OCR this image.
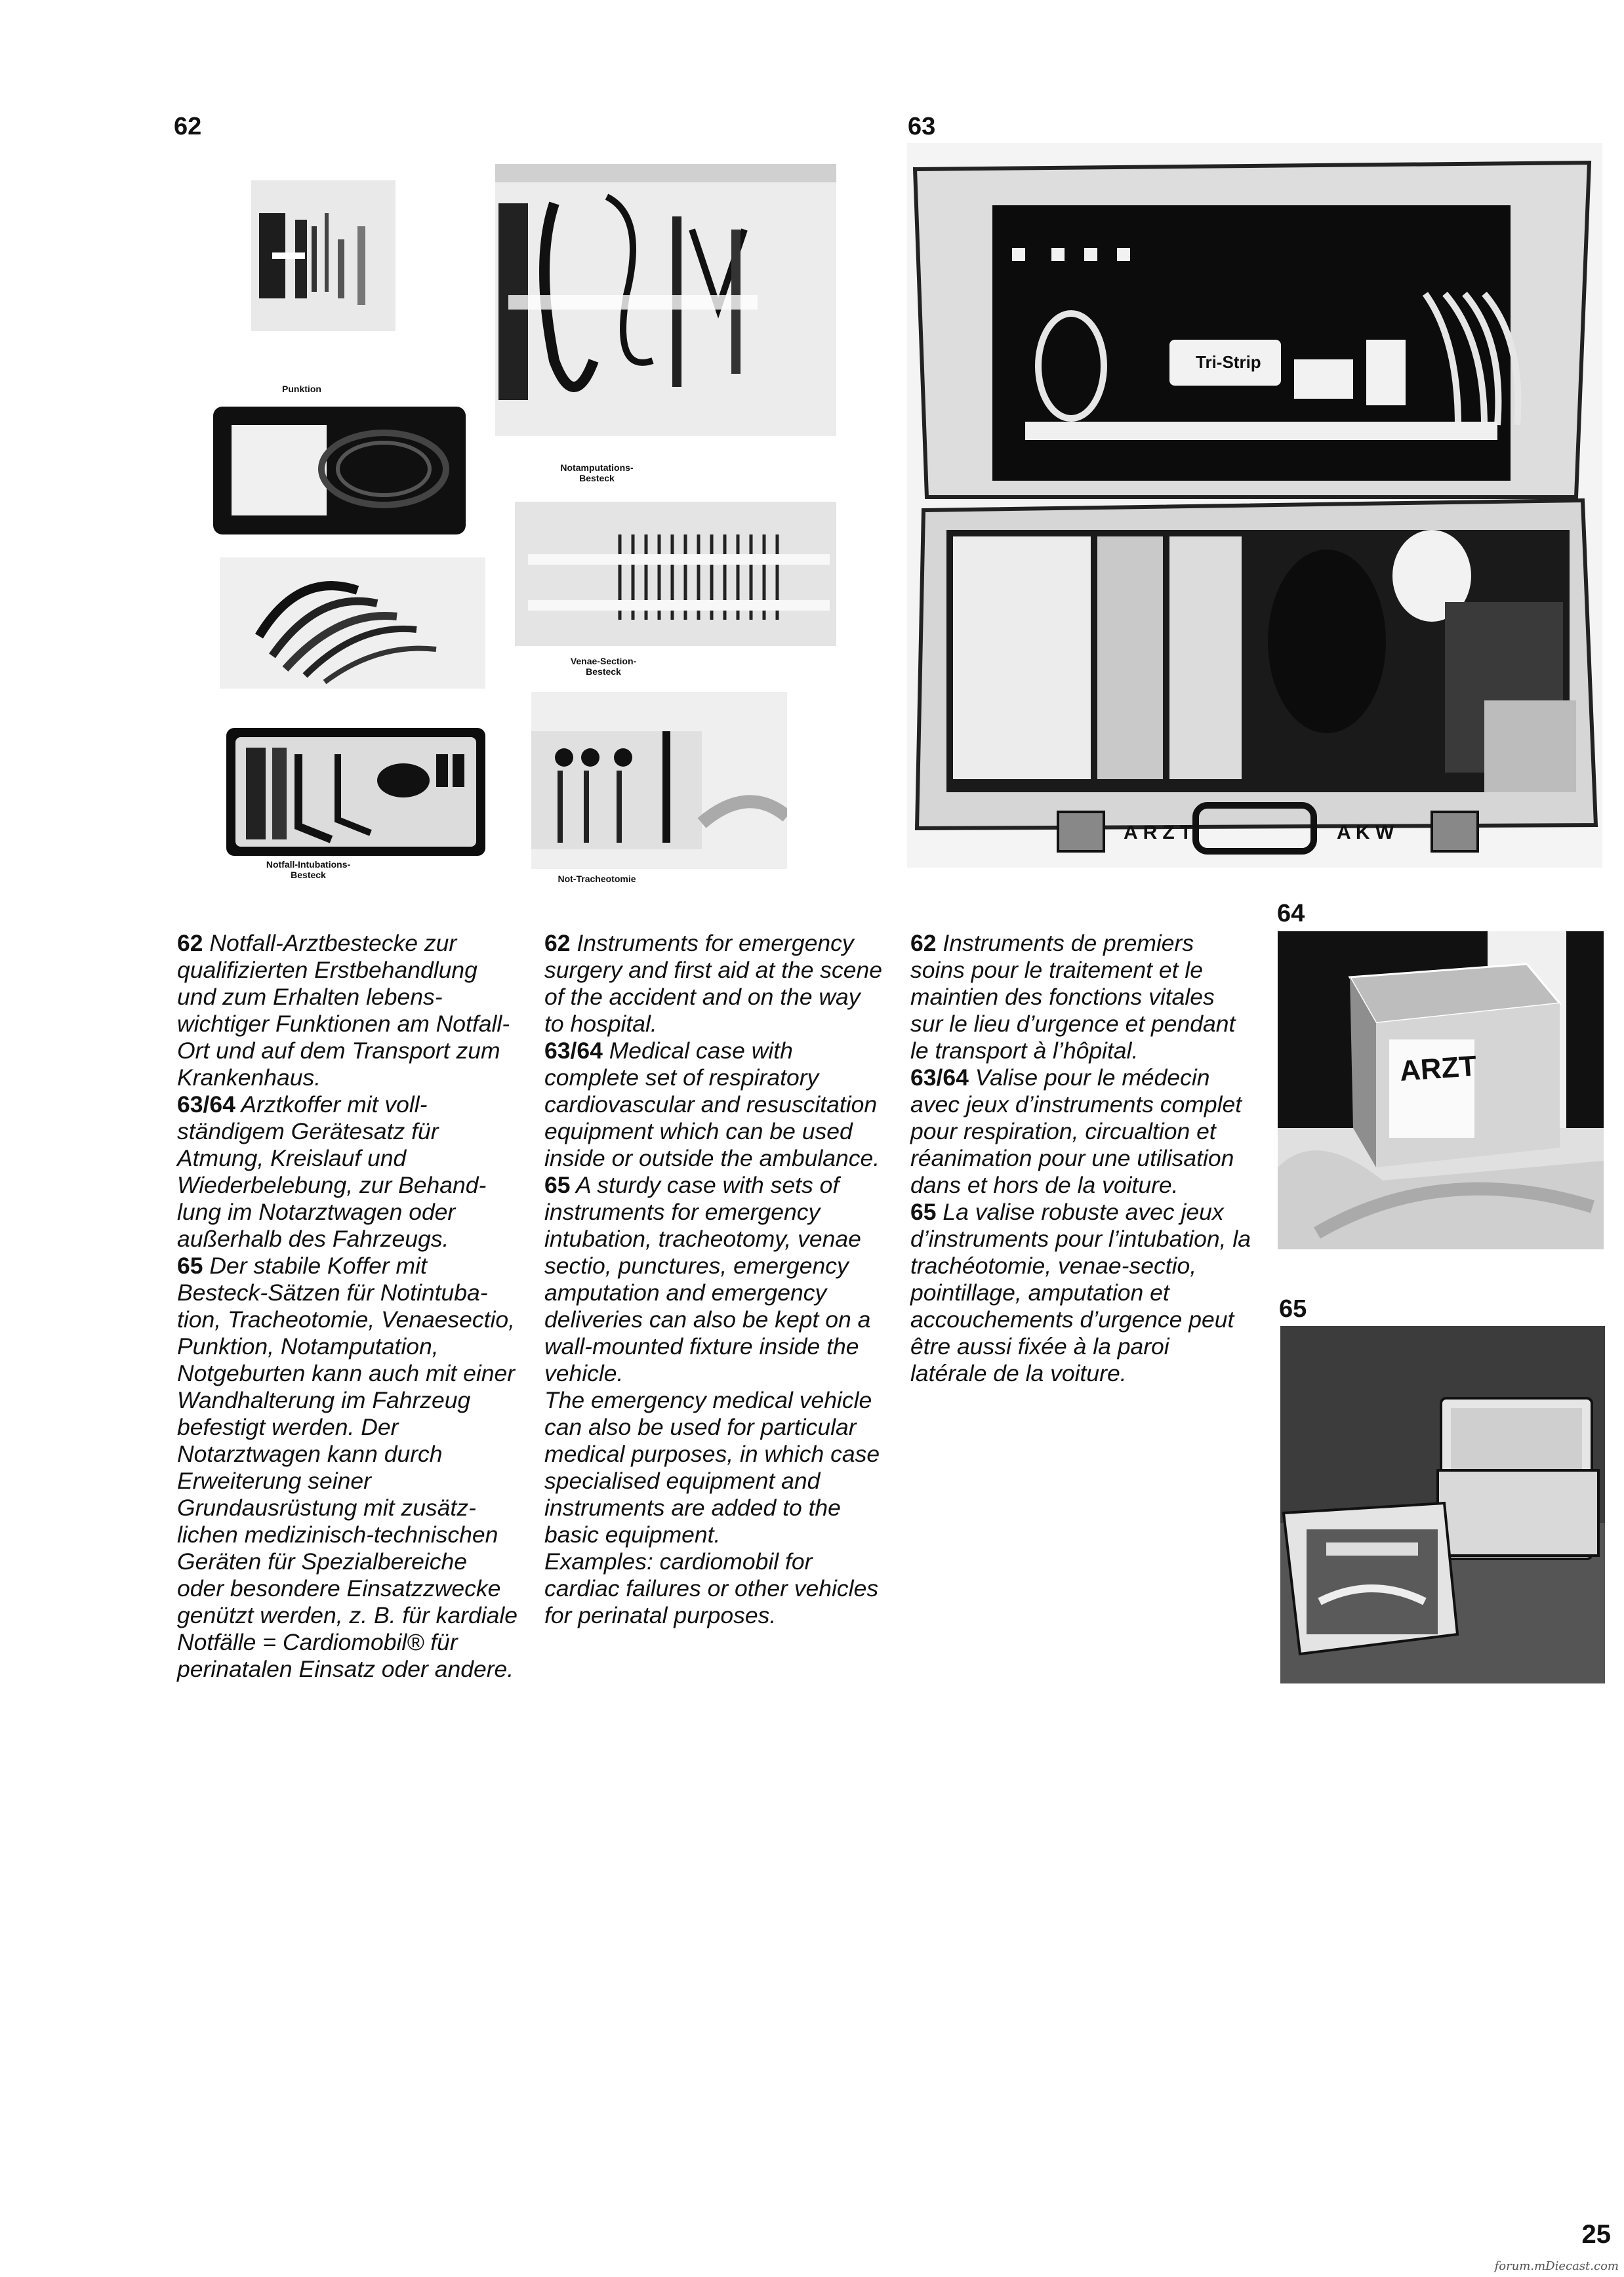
62	63
64
65
Punktion
Notfall-Intubations-
Besteck
Notamputations-
Besteck
Venae-Section-
Besteck
Not-Tracheotomie
Tri-Strip
ARZT	A K W
ARZT

62 Notfall-Arztbestecke zur qualifizierten Erstbehandlung und zum Erhalten lebenswichtiger Funktionen am Notfall-Ort und auf dem Transport zum Krankenhaus.

63/64 Arztkoffer mit vollständigem Gerätesatz für Atmung, Kreislauf und Wiederbelebung, zur Behandlung im Notarztwagen oder außerhalb des Fahrzeugs.

65 Der stabile Koffer mit Besteck-Sätzen für Notintubation, Tracheotomie, Venaesectio, Punktion, Notamputation, Notgeburten kann auch mit einer Wandhalterung im Fahrzeug befestigt werden. Der Notarztwagen kann durch Erweiterung seiner Grundausrüstung mit zusätzlichen medizinisch-technischen Geräten für Spezialbereiche oder besondere Einsatzzwecke genützt werden, z. B. für kardiale Notfälle = Cardiomobil® für perinatalen Einsatz oder andere.

62 Instruments for emergency surgery and first aid at the scene of the accident and on the way to hospital.

63/64 Medical case with complete set of respiratory cardiovascular and resuscitation equipment which can be used inside or outside the ambulance.

65 A sturdy case with sets of instruments for emergency intubation, tracheotomy, venae sectio, punctures, emergency amputation and emergency deliveries can also be kept on a wall-mounted fixture inside the vehicle.

The emergency medical vehicle can also be used for particular medical purposes, in which case specialised equipment and instruments are added to the basic equipment.

Examples: cardiomobil for cardiac failures or other vehicles for perinatal purposes.

62 Instruments de premiers soins pour le traitement et le maintien des fonctions vitales sur le lieu d’urgence et pendant le transport à l’hôpital.

63/64 Valise pour le médecin avec jeux d’instruments complet pour respiration, circualtion et réanimation pour une utilisation dans et hors de la voiture.

65 La valise robuste avec jeux d’instruments pour l’intubation, la trachéotomie, venae-sectio, pointillage, amputation et accouchements d’urgence peut être aussi fixée à la paroi latérale de la voiture.

25
forum.mDiecast.com
